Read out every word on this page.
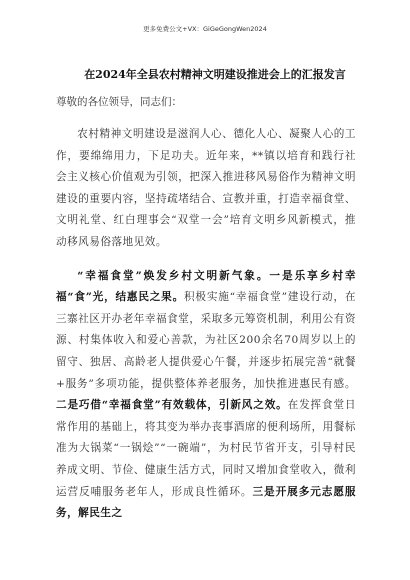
更多免费公文+VX：GiGeGongWen2024
在2024年全县农村精神文明建设推进会上的汇报发言
尊敬的各位领导，同志们：

农村精神文明建设是滋润人心、德化人心、凝聚人心的工作，要绵绵用力，下足功夫。近年来，**镇以培育和践行社会主义核心价值观为引领，把深入推进移风易俗作为精神文明建设的重要内容，坚持疏堵结合、宣教并重，打造幸福食堂、文明礼堂、红白理事会“双堂一会”培育文明乡风新模式，推动移风易俗落地见效。

“幸福食堂”焕发乡村文明新气象。一是乐享乡村幸福“食”光，结惠民之果。积极实施“幸福食堂”建设行动，在三寨社区开办老年幸福食堂，采取多元筹资机制，利用公有资源、村集体收入和爱心善款，为社区200余名70周岁以上的留守、独居、高龄老人提供爱心午餐，并逐步拓展完善“就餐+服务”多项功能，提供整体养老服务，加快推进惠民有感。二是巧借“幸福食堂”有效载体，引新风之效。在发挥食堂日常作用的基础上，将其变为举办丧事酒席的便利场所，用餐标准为大锅菜“一锅烩”“一碗端”，为村民节省开支，引导村民养成文明、节俭、健康生活方式，同时又增加食堂收入，微利运营反哺服务老年人，形成良性循环。三是开展多元志愿服务，解民生之
